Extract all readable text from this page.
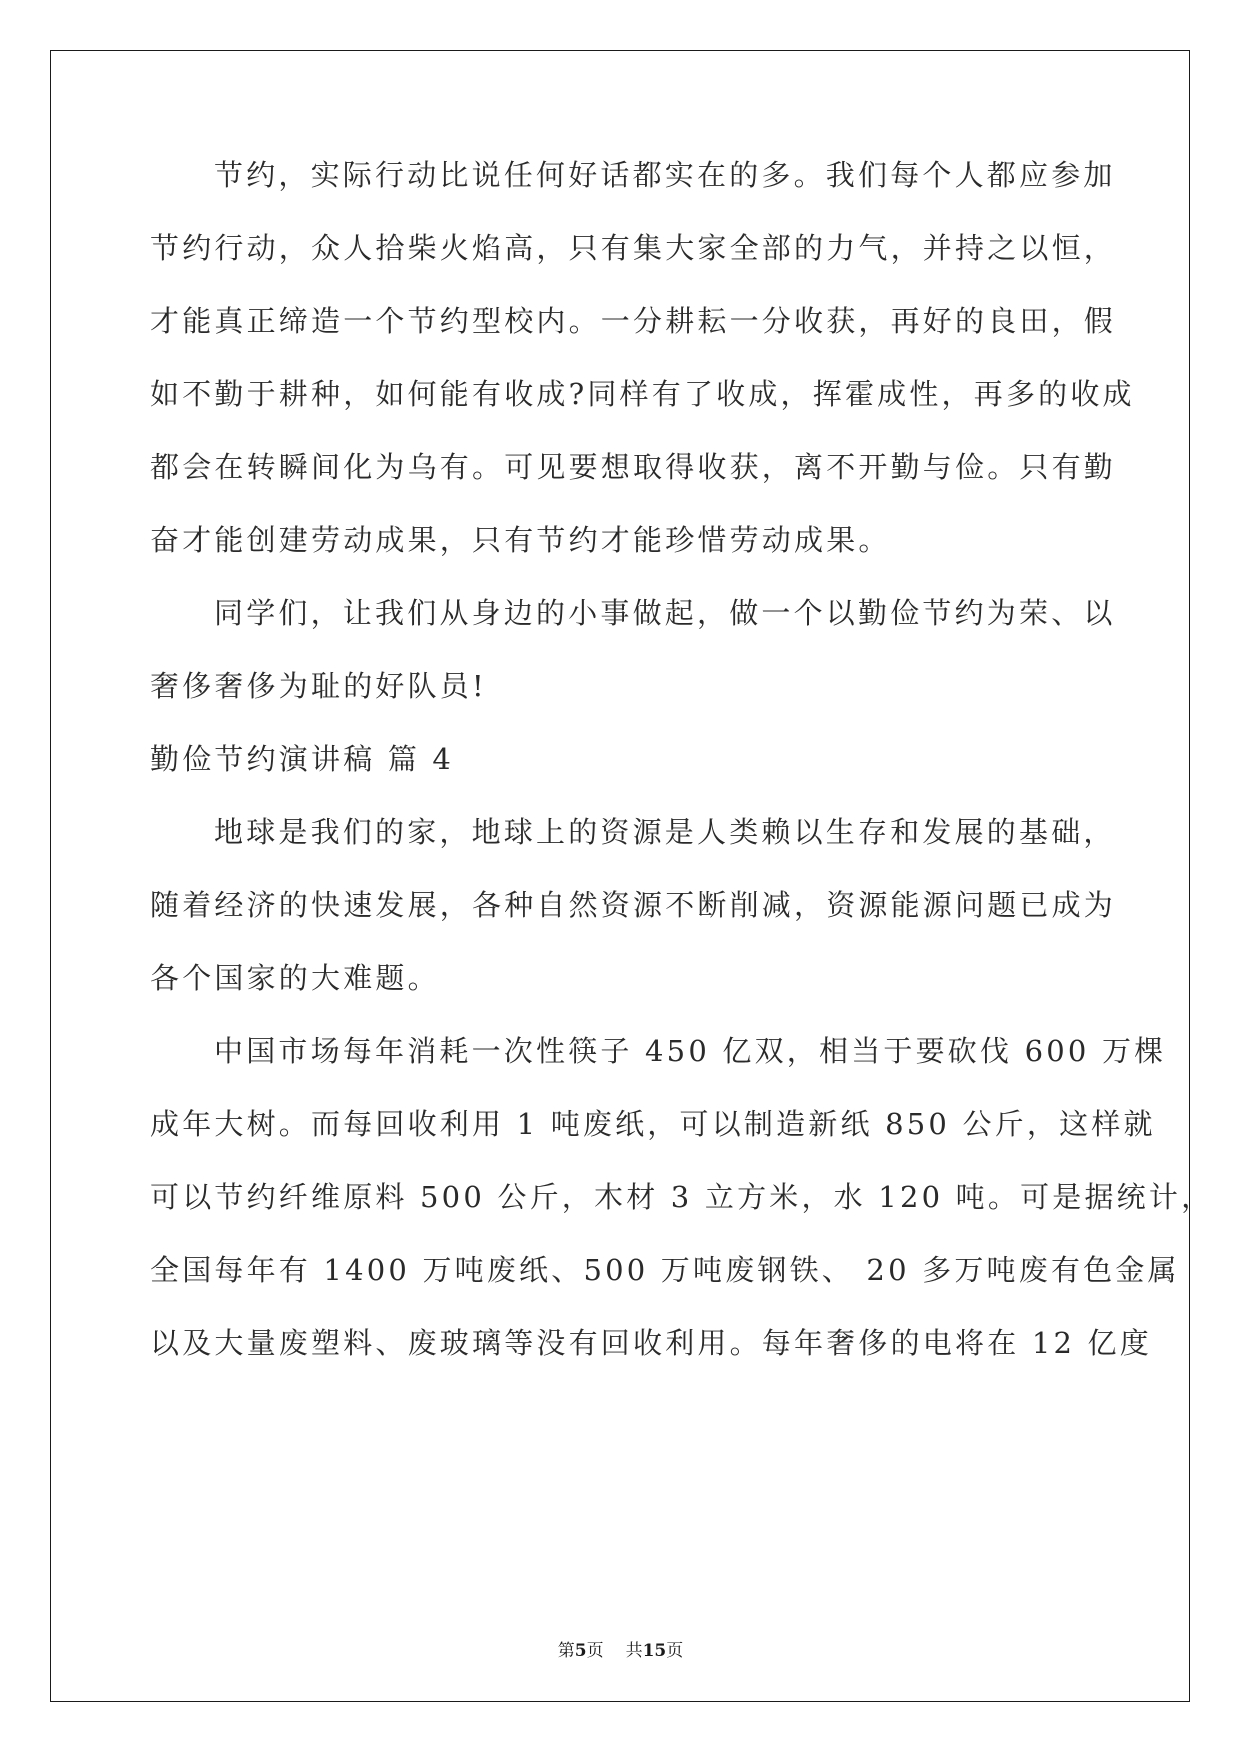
节约，实际行动比说任何好话都实在的多。我们每个人都应参加
节约行动，众人拾柴火焰高，只有集大家全部的力气，并持之以恒，
才能真正缔造一个节约型校内。一分耕耘一分收获，再好的良田，假
如不勤于耕种，如何能有收成?同样有了收成，挥霍成性，再多的收成
都会在转瞬间化为乌有。可见要想取得收获，离不开勤与俭。只有勤
奋才能创建劳动成果，只有节约才能珍惜劳动成果。
同学们，让我们从身边的小事做起，做一个以勤俭节约为荣、以
奢侈奢侈为耻的好队员!
勤俭节约演讲稿 篇 4
地球是我们的家，地球上的资源是人类赖以生存和发展的基础，
随着经济的快速发展，各种自然资源不断削减，资源能源问题已成为
各个国家的大难题。
中国市场每年消耗一次性筷子 450 亿双，相当于要砍伐 600 万棵
成年大树。而每回收利用 1 吨废纸，可以制造新纸 850 公斤，这样就
可以节约纤维原料 500 公斤，木材 3 立方米，水 120 吨。可是据统计，
全国每年有 1400 万吨废纸、500 万吨废钢铁、 20 多万吨废有色金属
以及大量废塑料、废玻璃等没有回收利用。每年奢侈的电将在 12 亿度
第5页 共15页
